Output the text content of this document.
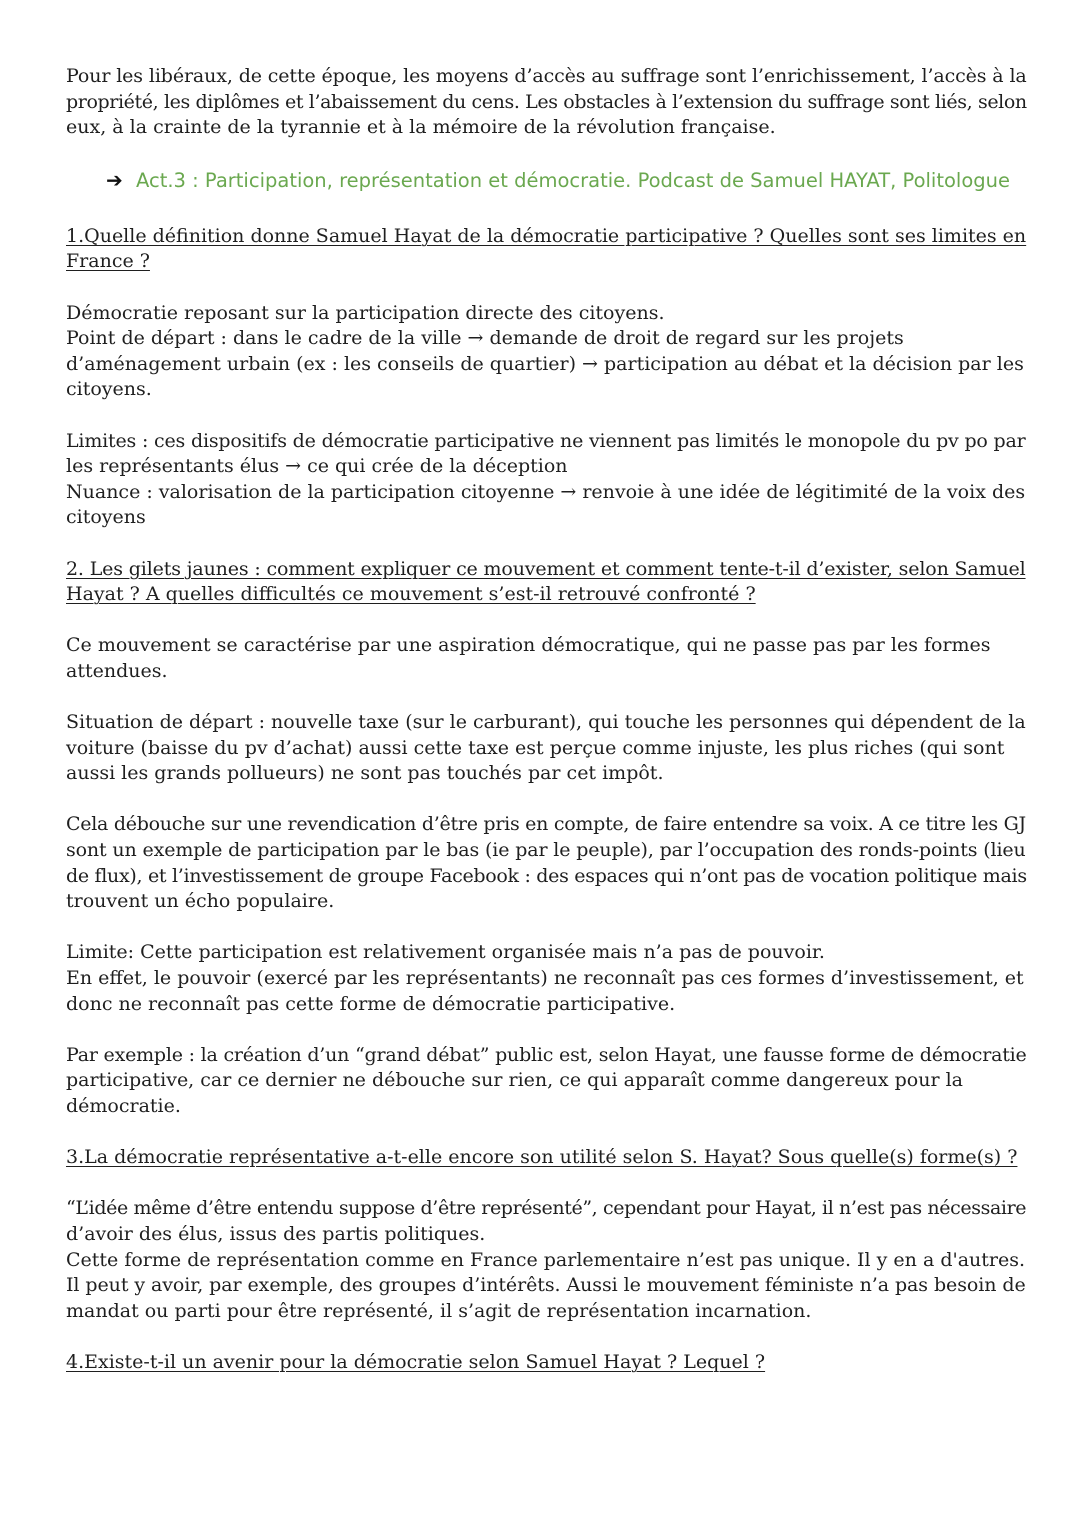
Pour les libéraux, de cette époque, les moyens d’accès au suffrage sont l’enrichissement, l’accès à la
propriété, les diplômes et l’abaissement du cens. Les obstacles à l’extension du suffrage sont liés, selon
eux, à la crainte de la tyrannie et à la mémoire de la révolution française.

➔ Act.3 : Participation, représentation et démocratie. Podcast de Samuel HAYAT, Politologue

1.Quelle définition donne Samuel Hayat de la démocratie participative ? Quelles sont ses limites en
France ?

Démocratie reposant sur la participation directe des citoyens.
Point de départ : dans le cadre de la ville → demande de droit de regard sur les projets
d’aménagement urbain (ex : les conseils de quartier) → participation au débat et la décision par les
citoyens.

Limites : ces dispositifs de démocratie participative ne viennent pas limités le monopole du pv po par
les représentants élus → ce qui crée de la déception
Nuance : valorisation de la participation citoyenne → renvoie à une idée de légitimité de la voix des
citoyens

2. Les gilets jaunes : comment expliquer ce mouvement et comment tente-t-il d’exister, selon Samuel
Hayat ? A quelles difficultés ce mouvement s’est-il retrouvé confronté ?

Ce mouvement se caractérise par une aspiration démocratique, qui ne passe pas par les formes
attendues.

Situation de départ : nouvelle taxe (sur le carburant), qui touche les personnes qui dépendent de la
voiture (baisse du pv d’achat) aussi cette taxe est perçue comme injuste, les plus riches (qui sont
aussi les grands pollueurs) ne sont pas touchés par cet impôt.

Cela débouche sur une revendication d’être pris en compte, de faire entendre sa voix. A ce titre les GJ
sont un exemple de participation par le bas (ie par le peuple), par l’occupation des ronds-points (lieu
de flux), et l’investissement de groupe Facebook : des espaces qui n’ont pas de vocation politique mais
trouvent un écho populaire.

Limite: Cette participation est relativement organisée mais n’a pas de pouvoir.
En effet, le pouvoir (exercé par les représentants) ne reconnaît pas ces formes d’investissement, et
donc ne reconnaît pas cette forme de démocratie participative.

Par exemple : la création d’un “grand débat” public est, selon Hayat, une fausse forme de démocratie
participative, car ce dernier ne débouche sur rien, ce qui apparaît comme dangereux pour la
démocratie.

3.La démocratie représentative a-t-elle encore son utilité selon S. Hayat? Sous quelle(s) forme(s) ?

“L’idée même d’être entendu suppose d’être représenté”, cependant pour Hayat, il n’est pas nécessaire
d’avoir des élus, issus des partis politiques.
Cette forme de représentation comme en France parlementaire n’est pas unique. Il y en a d'autres.
Il peut y avoir, par exemple, des groupes d’intérêts. Aussi le mouvement féministe n’a pas besoin de
mandat ou parti pour être représenté, il s’agit de représentation incarnation.

4.Existe-t-il un avenir pour la démocratie selon Samuel Hayat ? Lequel ?
